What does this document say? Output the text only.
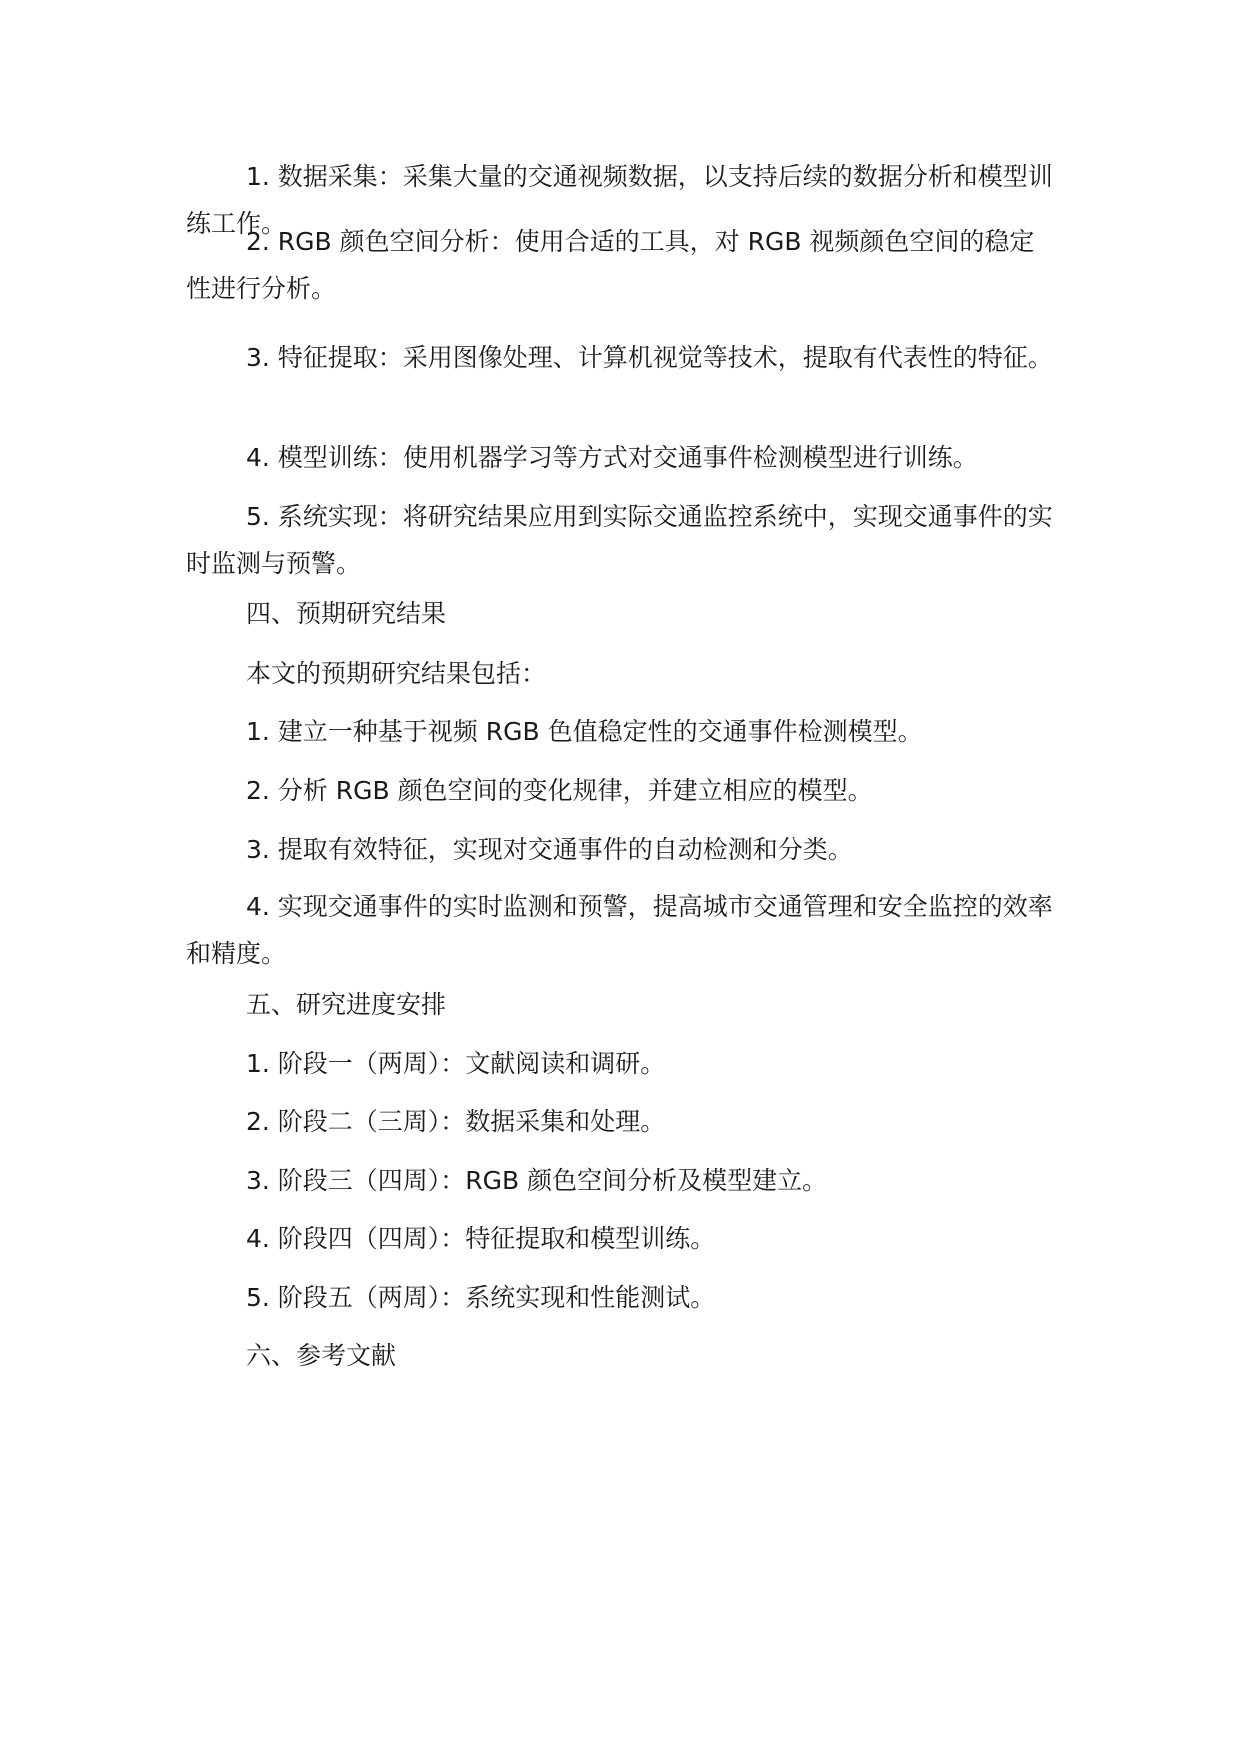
1. 数据采集：采集大量的交通视频数据，以支持后续的数据分析和模型训练工作。

2. RGB 颜色空间分析：使用合适的工具，对 RGB 视频颜色空间的稳定性进行分析。

3. 特征提取：采用图像处理、计算机视觉等技术，提取有代表性的特征。

4. 模型训练：使用机器学习等方式对交通事件检测模型进行训练。

5. 系统实现：将研究结果应用到实际交通监控系统中，实现交通事件的实时监测与预警。

四、预期研究结果

本文的预期研究结果包括：

1. 建立一种基于视频 RGB 色值稳定性的交通事件检测模型。

2. 分析 RGB 颜色空间的变化规律，并建立相应的模型。

3. 提取有效特征，实现对交通事件的自动检测和分类。

4. 实现交通事件的实时监测和预警，提高城市交通管理和安全监控的效率和精度。

五、研究进度安排

1. 阶段一（两周）：文献阅读和调研。

2. 阶段二（三周）：数据采集和处理。

3. 阶段三（四周）：RGB 颜色空间分析及模型建立。

4. 阶段四（四周）：特征提取和模型训练。

5. 阶段五（两周）：系统实现和性能测试。

六、参考文献
